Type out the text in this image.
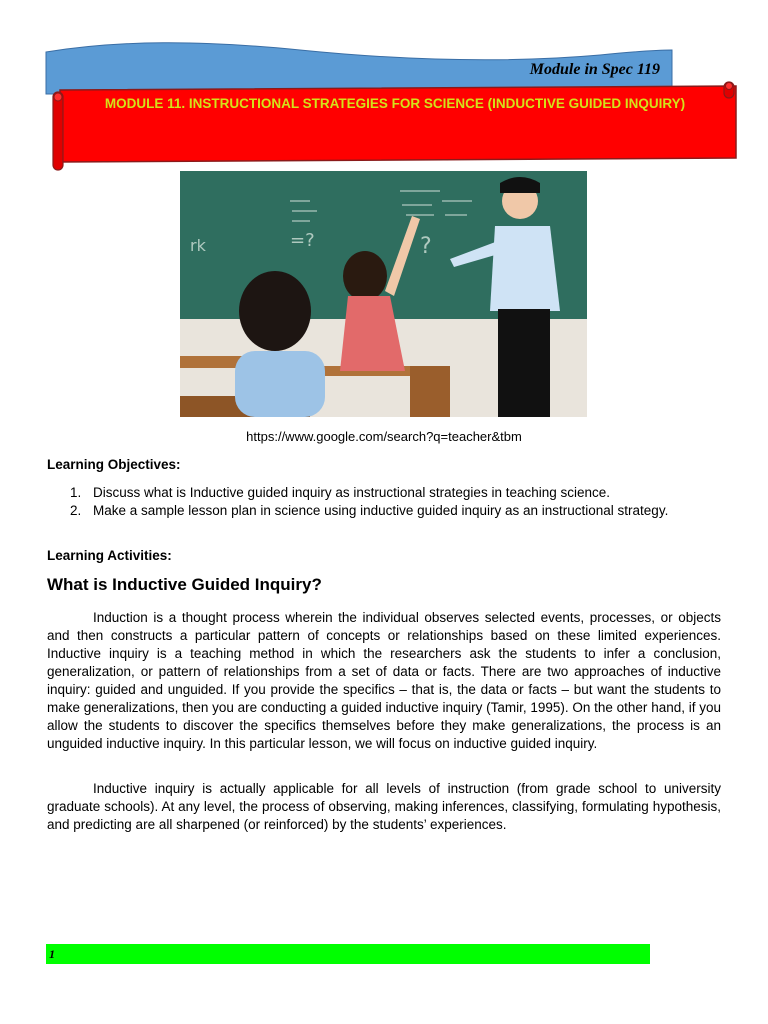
Module in Spec 119
MODULE 11. INSTRUCTIONAL STRATEGIES FOR SCIENCE (INDUCTIVE GUIDED INQUIRY)
=?	?
rk
https://www.google.com/search?q=teacher&tbm
Learning Objectives:
1. Discuss what is Inductive guided inquiry as instructional strategies in teaching science.
2. Make a sample lesson plan in science using inductive guided inquiry as an instructional strategy.
Learning Activities:
What is Inductive Guided Inquiry?

Induction is a thought process wherein the individual observes selected events, processes, or objects and then constructs a particular pattern of concepts or relationships based on these limited experiences. Inductive inquiry is a teaching method in which the researchers ask the students to infer a conclusion, generalization, or pattern of relationships from a set of data or facts. There are two approaches of inductive inquiry: guided and unguided. If you provide the specifics – that is, the data or facts – but want the students to make generalizations, then you are conducting a guided inductive inquiry (Tamir, 1995). On the other hand, if you allow the students to discover the specifics themselves before they make generalizations, the process is an unguided inductive inquiry. In this particular lesson, we will focus on inductive guided inquiry.

Inductive inquiry is actually applicable for all levels of instruction (from grade school to university graduate schools). At any level, the process of observing, making inferences, classifying, formulating hypothesis, and predicting are all sharpened (or reinforced) by the students’ experiences.

1
